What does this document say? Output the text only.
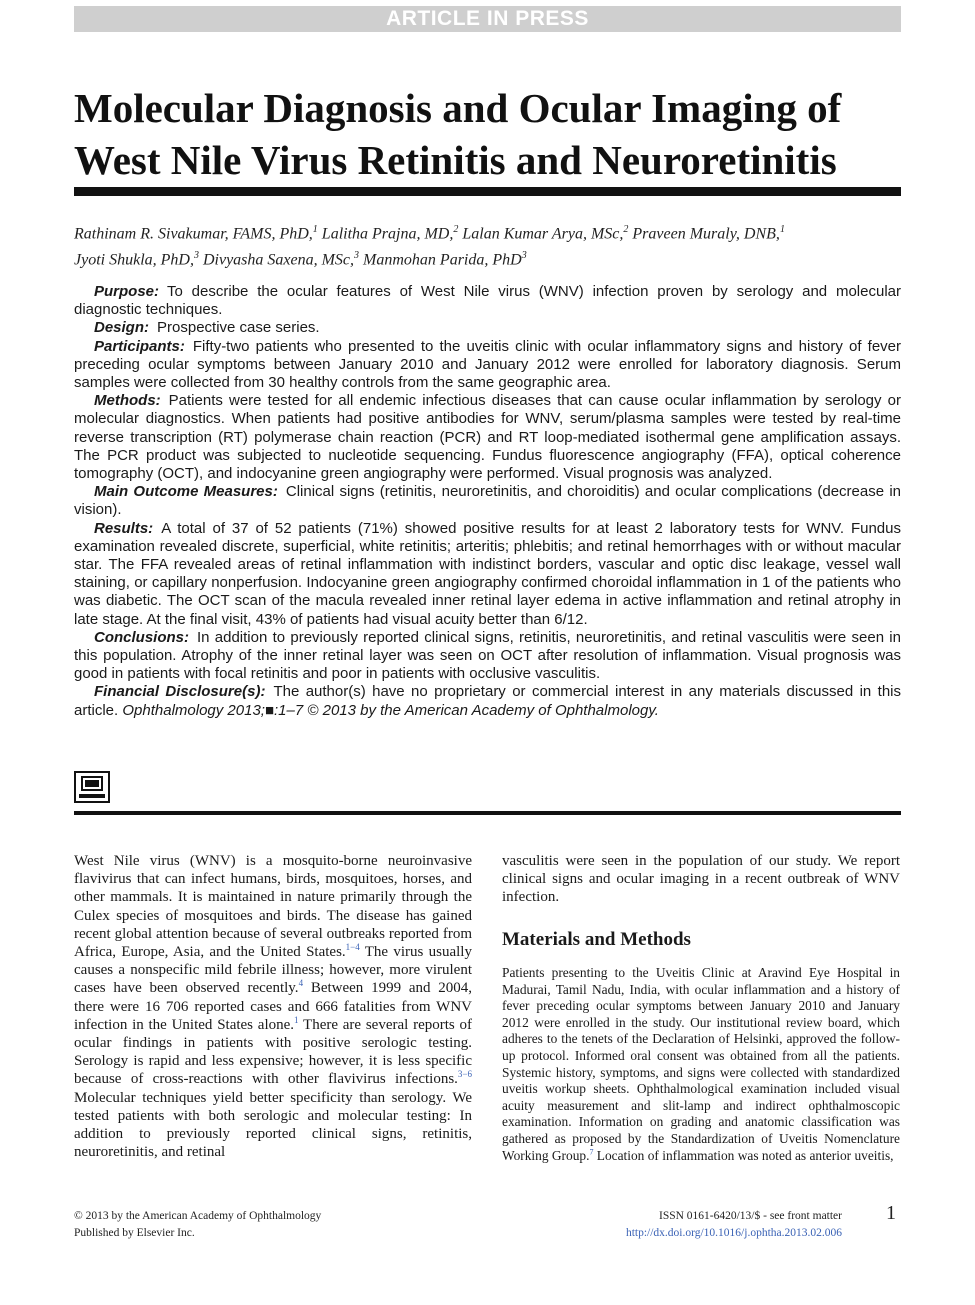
ARTICLE IN PRESS
Molecular Diagnosis and Ocular Imaging of West Nile Virus Retinitis and Neuroretinitis
Rathinam R. Sivakumar, FAMS, PhD,$^1$ Lalitha Prajna, MD,$^2$ Lalan Kumar Arya, MSc,$^2$ Praveen Muraly, DNB,$^1$
Jyoti Shukla, PhD,$^3$ Divyasha Saxena, MSc,$^3$ Manmohan Parida, PhD$^3$

Purpose: To describe the ocular features of West Nile virus (WNV) infection proven by serology and molecular diagnostic techniques.

Design: Prospective case series.

Participants: Fifty-two patients who presented to the uveitis clinic with ocular inflammatory signs and history of fever preceding ocular symptoms between January 2010 and January 2012 were enrolled for laboratory diagnosis. Serum samples were collected from 30 healthy controls from the same geographic area.

Methods: Patients were tested for all endemic infectious diseases that can cause ocular inflammation by serology or molecular diagnostics. When patients had positive antibodies for WNV, serum/plasma samples were tested by real-time reverse transcription (RT) polymerase chain reaction (PCR) and RT loop-mediated isothermal gene amplification assays. The PCR product was subjected to nucleotide sequencing. Fundus fluorescence angiography (FFA), optical coherence tomography (OCT), and indocyanine green angiography were performed. Visual prognosis was analyzed.

Main Outcome Measures: Clinical signs (retinitis, neuroretinitis, and choroiditis) and ocular complications (decrease in vision).

Results: A total of 37 of 52 patients (71%) showed positive results for at least 2 laboratory tests for WNV. Fundus examination revealed discrete, superficial, white retinitis; arteritis; phlebitis; and retinal hemorrhages with or without macular star. The FFA revealed areas of retinal inflammation with indistinct borders, vascular and optic disc leakage, vessel wall staining, or capillary nonperfusion. Indocyanine green angiography confirmed choroidal inflammation in 1 of the patients who was diabetic. The OCT scan of the macula revealed inner retinal layer edema in active inflammation and retinal atrophy in late stage. At the final visit, 43% of patients had visual acuity better than 6/12.

Conclusions: In addition to previously reported clinical signs, retinitis, neuroretinitis, and retinal vasculitis were seen in this population. Atrophy of the inner retinal layer was seen on OCT after resolution of inflammation. Visual prognosis was good in patients with focal retinitis and poor in patients with occlusive vasculitis.

Financial Disclosure(s): The author(s) have no proprietary or commercial interest in any materials discussed in this article. Ophthalmology 2013;■:1–7 © 2013 by the American Academy of Ophthalmology.

West Nile virus (WNV) is a mosquito-borne neuroinvasive flavivirus that can infect humans, birds, mosquitoes, horses, and other mammals. It is maintained in nature primarily through the Culex species of mosquitoes and birds. The disease has gained recent global attention because of several outbreaks reported from Africa, Europe, Asia, and the United States.$^{1-4}$ The virus usually causes a nonspecific mild febrile illness; however, more virulent cases have been observed recently.$^4$ Between 1999 and 2004, there were 16 706 reported cases and 666 fatalities from WNV infection in the United States alone.$^1$ There are several reports of ocular findings in patients with positive serologic testing. Serology is rapid and less expensive; however, it is less specific because of cross-reactions with other flavivirus infections.$^{3-6}$ Molecular techniques yield better specificity than serology. We tested patients with both serologic and molecular testing: In addition to previously reported clinical signs, retinitis, neuroretinitis, and retinal

vasculitis were seen in the population of our study. We report clinical signs and ocular imaging in a recent outbreak of WNV infection.

Materials and Methods

Patients presenting to the Uveitis Clinic at Aravind Eye Hospital in Madurai, Tamil Nadu, India, with ocular inflammation and a history of fever preceding ocular symptoms between January 2010 and January 2012 were enrolled in the study. Our institutional review board, which adheres to the tenets of the Declaration of Helsinki, approved the follow-up protocol. Informed oral consent was obtained from all the patients. Systemic history, symptoms, and signs were collected with standardized uveitis workup sheets. Ophthalmological examination included visual acuity measurement and slit-lamp and indirect ophthalmoscopic examination. Information on grading and anatomic classification was gathered as proposed by the Standardization of Uveitis Nomenclature Working Group.$^7$ Location of inflammation was noted as anterior uveitis,

© 2013 by the American Academy of Ophthalmology
Published by Elsevier Inc.
ISSN 0161-6420/13/$ - see front matter
http://dx.doi.org/10.1016/j.ophtha.2013.02.006
1
